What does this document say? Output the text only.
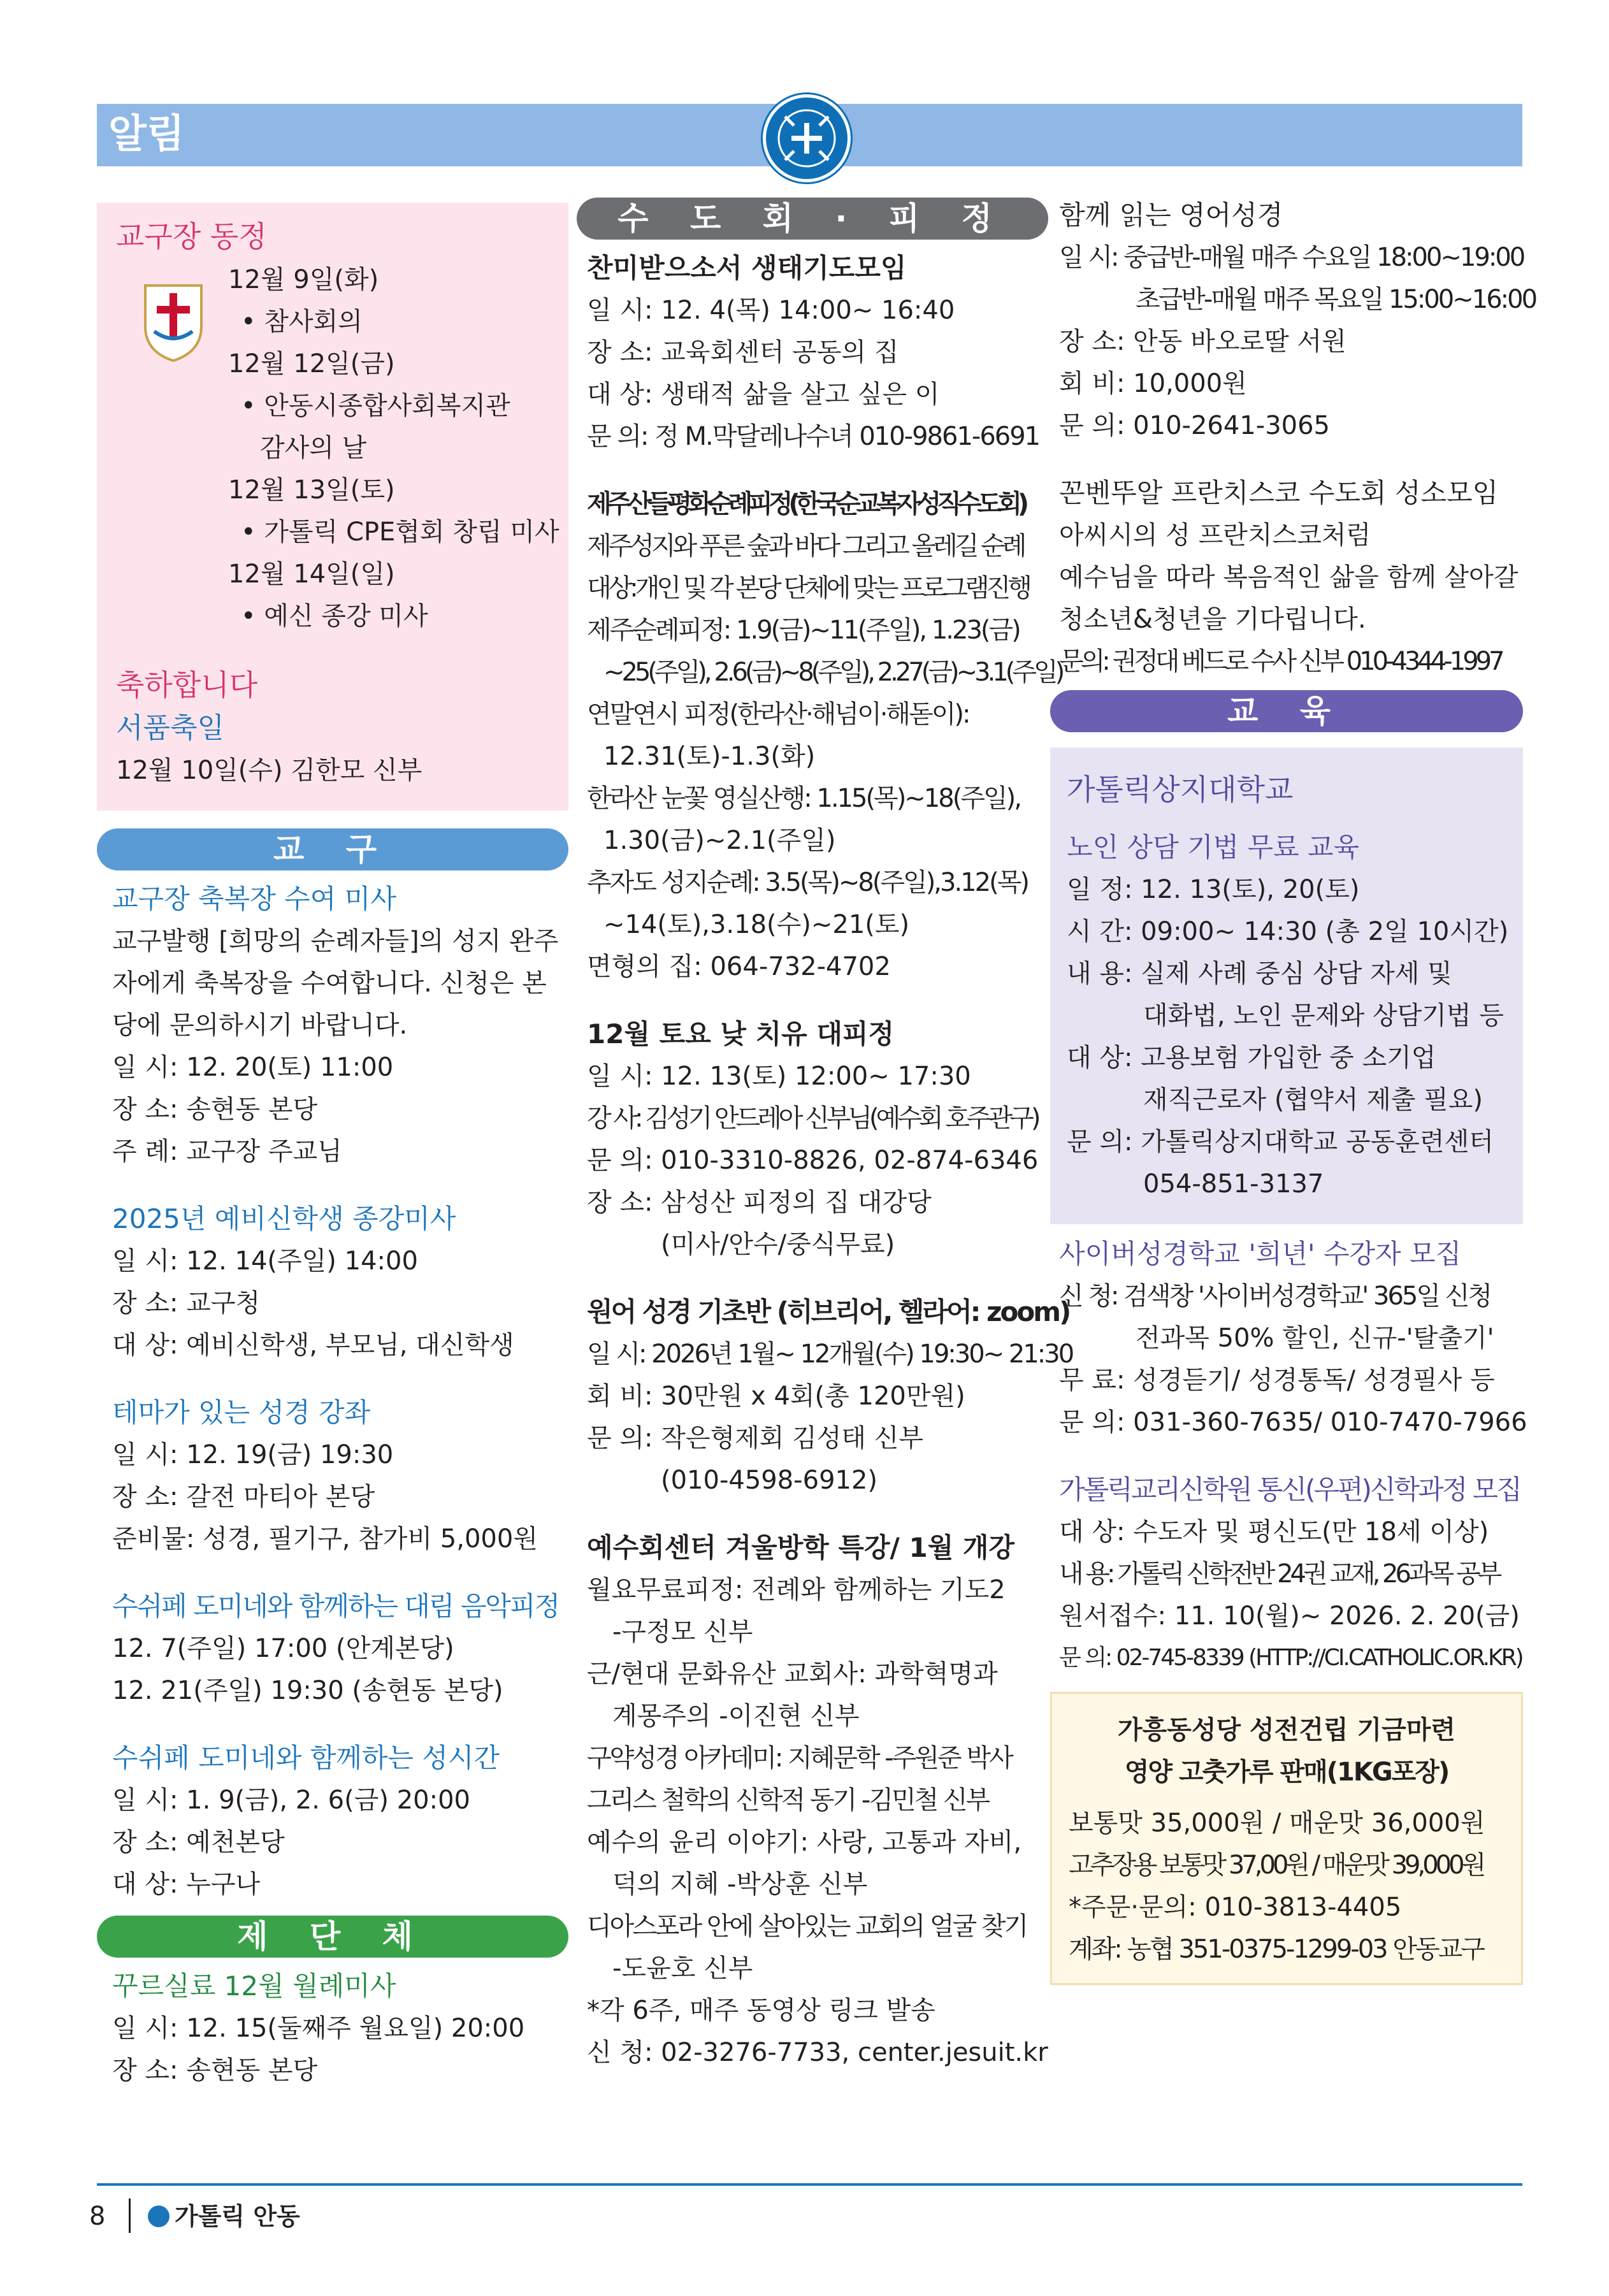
알림
교구장 동정
12월 9일(화)
• 참사회의
12월 12일(금)
• 안동시종합사회복지관
감사의 날
12월 13일(토)
• 가톨릭 CPE협회 창립 미사
12월 14일(일)
• 예신 종강 미사
축하합니다
서품축일
12월 10일(수) 김한모 신부
교 구
교구장 축복장 수여 미사
교구발행 [희망의 순례자들]의 성지 완주
자에게 축복장을 수여합니다. 신청은 본
당에 문의하시기 바랍니다.
일 시: 12. 20(토) 11:00
장 소: 송현동 본당
주 례: 교구장 주교님
2025년 예비신학생 종강미사
일 시: 12. 14(주일) 14:00
장 소: 교구청
대 상: 예비신학생, 부모님, 대신학생
테마가 있는 성경 강좌
일 시: 12. 19(금) 19:30
장 소: 갈전 마티아 본당
준비물: 성경, 필기구, 참가비 5,000원
수쉬페 도미네와 함께하는 대림 음악피정
12. 7(주일) 17:00 (안계본당)
12. 21(주일) 19:30 (송현동 본당)
수쉬페 도미네와 함께하는 성시간
일 시: 1. 9(금), 2. 6(금) 20:00
장 소: 예천본당
대 상: 누구나
제 단 체
꾸르실료 12월 월례미사
일 시: 12. 15(둘째주 월요일) 20:00
장 소: 송현동 본당
수 도 회 · 피 정
찬미받으소서 생태기도모임
일 시: 12. 4(목) 14:00~ 16:40
장 소: 교육회센터 공동의 집
대 상: 생태적 삶을 살고 싶은 이
문 의: 정 M.막달레나수녀 010-9861-6691
제주산들평화순례피정(한국순교복자성직수도회)
제주성지와 푸른 숲과 바다 그리고 올레길 순례
대상:개인 및 각 본당 단체에 맞는 프로그램진행
제주순례피정: 1.9(금)~11(주일), 1.23(금)
~25(주일), 2.6(금)~8(주일), 2.27(금)~3.1(주일)
연말연시 피정(한라산·해넘이·해돋이):
12.31(토)-1.3(화)
한라산 눈꽃 영실산행: 1.15(목)~18(주일),
1.30(금)~2.1(주일)
추자도 성지순례: 3.5(목)~8(주일),3.12(목)
~14(토),3.18(수)~21(토)
면형의 집: 064-732-4702
12월 토요 낮 치유 대피정
일 시: 12. 13(토) 12:00~ 17:30
강 사: 김성기 안드레아 신부님(예수회 호주관구)
문 의: 010-3310-8826, 02-874-6346
장 소: 삼성산 피정의 집 대강당
(미사/안수/중식무료)
원어 성경 기초반 (히브리어, 헬라어: zoom)
일 시: 2026년 1월~ 12개월(수) 19:30~ 21:30
회 비: 30만원 x 4회(총 120만원)
문 의: 작은형제회 김성태 신부
(010-4598-6912)
예수회센터 겨울방학 특강/ 1월 개강
월요무료피정: 전례와 함께하는 기도2
-구정모 신부
근/현대 문화유산 교회사: 과학혁명과
계몽주의 -이진현 신부
구약성경 아카데미: 지혜문학 -주원준 박사
그리스 철학의 신학적 동기 -김민철 신부
예수의 윤리 이야기: 사랑, 고통과 자비,
덕의 지혜 -박상훈 신부
디아스포라 안에 살아있는 교회의 얼굴 찾기
-도윤호 신부
*각 6주, 매주 동영상 링크 발송
신 청: 02-3276-7733, center.jesuit.kr
함께 읽는 영어성경
일 시: 중급반-매월 매주 수요일 18:00~19:00
초급반-매월 매주 목요일 15:00~16:00
장 소: 안동 바오로딸 서원
회 비: 10,000원
문 의: 010-2641-3065
꼰벤뚜알 프란치스코 수도회 성소모임
아씨시의 성 프란치스코처럼
예수님을 따라 복음적인 삶을 함께 살아갈
청소년&청년을 기다립니다.
문의: 권정대 베드로 수사 신부 010-4344-1997
교 육
가톨릭상지대학교
노인 상담 기법 무료 교육
일 정: 12. 13(토), 20(토)
시 간: 09:00~ 14:30 (총 2일 10시간)
내 용: 실제 사례 중심 상담 자세 및
대화법, 노인 문제와 상담기법 등
대 상: 고용보험 가입한 중 소기업
재직근로자 (협약서 제출 필요)
문 의: 가톨릭상지대학교 공동훈련센터
054-851-3137
사이버성경학교 '희년' 수강자 모집
신 청: 검색창 '사이버성경학교' 365일 신청
전과목 50% 할인, 신규-'탈출기'
무 료: 성경듣기/ 성경통독/ 성경필사 등
문 의: 031-360-7635/ 010-7470-7966
가톨릭교리신학원 통신(우편)신학과정 모집
대 상: 수도자 및 평신도(만 18세 이상)
내 용: 가톨릭 신학전반 24권 교재, 26과목 공부
원서접수: 11. 10(월)~ 2026. 2. 20(금)
문 의: 02-745-8339 (HTTP://CI.CATHOLIC.OR.KR)
가흥동성당 성전건립 기금마련
영양 고춧가루 판매(1KG포장)
보통맛 35,000원 / 매운맛 36,000원
고추장용 보통맛 37,00원 / 매운맛 39,000원
*주문·문의: 010-3813-4405
계좌: 농협 351-0375-1299-03 안동교구
8	가톨릭 안동
